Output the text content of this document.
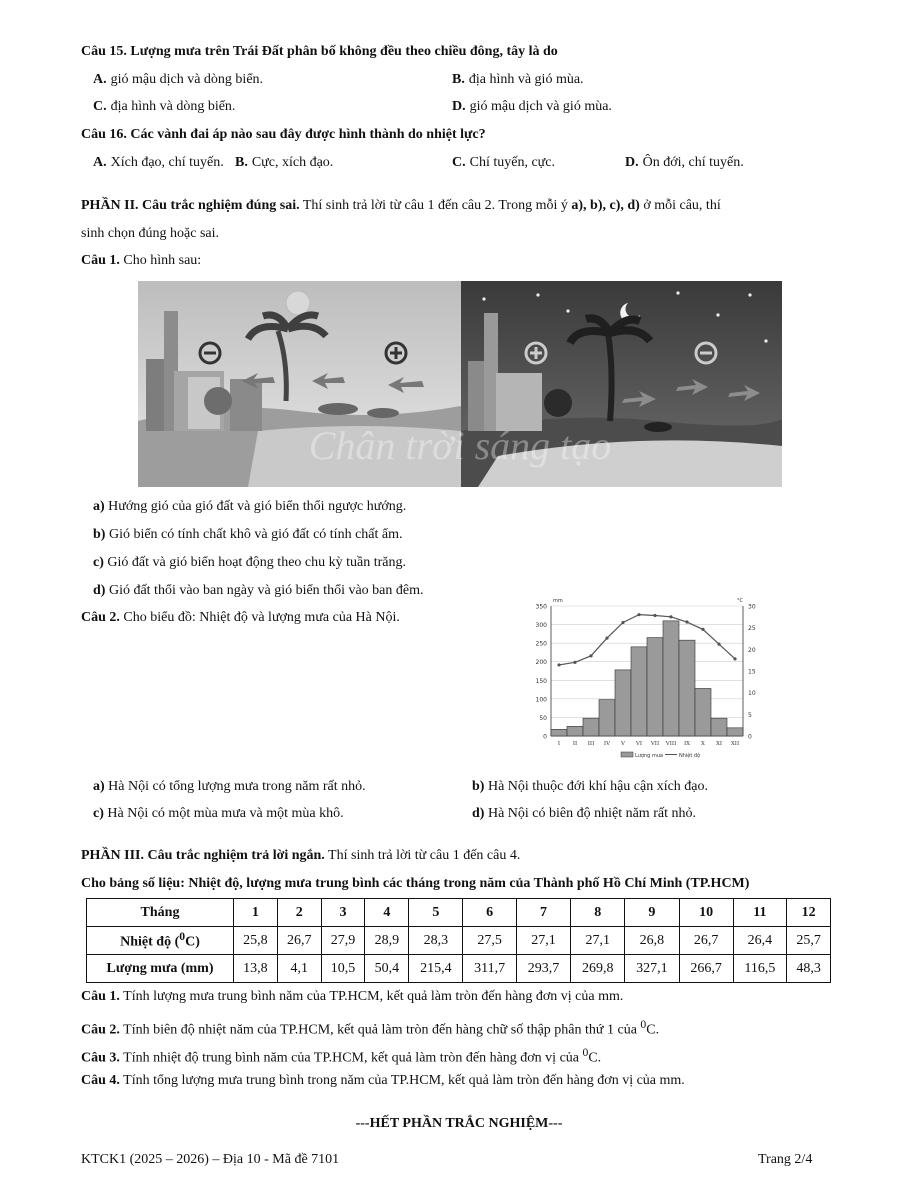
Câu 15. Lượng mưa trên Trái Đất phân bố không đều theo chiều đông, tây là do
A. gió mậu dịch và dòng biển.	B. địa hình và gió mùa.
C. địa hình và dòng biển.	D. gió mậu dịch và gió mùa.
Câu 16. Các vành đai áp nào sau đây được hình thành do nhiệt lực?
A. Xích đạo, chí tuyến. B. Cực, xích đạo.	C. Chí tuyến, cực.	D. Ôn đới, chí tuyến.
PHẦN II. Câu trắc nghiệm đúng sai. Thí sinh trả lời từ câu 1 đến câu 2. Trong mỗi ý a), b), c), d) ở mỗi câu, thí
sinh chọn đúng hoặc sai.
Câu 1. Cho hình sau:
Chân trời sáng tạo
a) Hướng gió của gió đất và gió biển thổi ngược hướng.
b) Gió biển có tính chất khô và gió đất có tính chất ẩm.
c) Gió đất và gió biển hoạt động theo chu kỳ tuần trăng.
d) Gió đất thổi vào ban ngày và gió biển thổi vào ban đêm.
Câu 2. Cho biểu đồ: Nhiệt độ và lượng mưa của Hà Nội.
0
50
100
150
200
250
300
350
0
5
10
15
20
25
30
mm	°C
I II III IV V VI VII VIII IX X XI XII
Lượng mưa	Nhiệt độ
a) Hà Nội có tổng lượng mưa trong năm rất nhỏ.	b) Hà Nội thuộc đới khí hậu cận xích đạo.
c) Hà Nội có một mùa mưa và một mùa khô.	d) Hà Nội có biên độ nhiệt năm rất nhỏ.
PHẦN III. Câu trắc nghiệm trả lời ngắn. Thí sinh trả lời từ câu 1 đến câu 4.
Cho bảng số liệu: Nhiệt độ, lượng mưa trung bình các tháng trong năm của Thành phố Hồ Chí Minh (TP.HCM)
Tháng	1	2	3	4	5	6	7	8	9	10	11	12
Nhiệt độ ($^0$C)	25,8	26,7	27,9	28,9	28,3	27,5	27,1	27,1	26,8	26,7	26,4	25,7
Lượng mưa (mm)	13,8	4,1	10,5	50,4	215,4	311,7	293,7	269,8	327,1	266,7	116,5	48,3
Câu 1. Tính lượng mưa trung bình năm của TP.HCM, kết quả làm tròn đến hàng đơn vị của mm.
Câu 2. Tính biên độ nhiệt năm của TP.HCM, kết quả làm tròn đến hàng chữ số thập phân thứ 1 của $^0$C.
Câu 3. Tính nhiệt độ trung bình năm của TP.HCM, kết quả làm tròn đến hàng đơn vị của $^0$C.
Câu 4. Tính tổng lượng mưa trung bình trong năm của TP.HCM, kết quả làm tròn đến hàng đơn vị của mm.
---HẾT PHẦN TRẮC NGHIỆM---
KTCK1 (2025 – 2026) – Địa 10 - Mã đề 7101	Trang 2/4
